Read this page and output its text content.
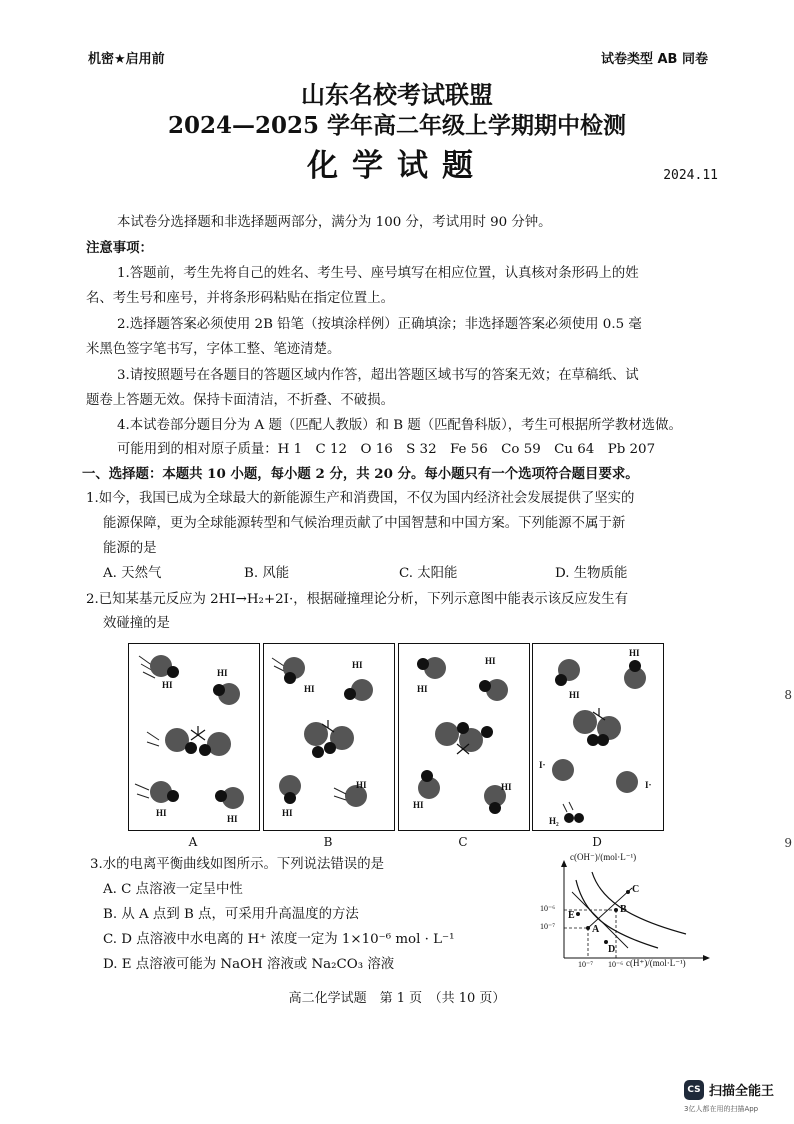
机密★启用前	试卷类型 AB 同卷
山东名校考试联盟
2024—2025 学年高二年级上学期期中检测
化学试题	2024.11
本试卷分选择题和非选择题两部分，满分为 100 分，考试用时 90 分钟。
注意事项：
1.答题前，考生先将自己的姓名、考生号、座号填写在相应位置，认真核对条形码上的姓
名、考生号和座号，并将条形码粘贴在指定位置上。
2.选择题答案必须使用 2B 铅笔（按填涂样例）正确填涂；非选择题答案必须使用 0.5 毫
米黑色签字笔书写，字体工整、笔迹清楚。
3.请按照题号在各题目的答题区域内作答，超出答题区域书写的答案无效；在草稿纸、试
题卷上答题无效。保持卡面清洁，不折叠、不破损。
4.本试卷部分题目分为 A 题（匹配人教版）和 B 题（匹配鲁科版），考生可根据所学教材选做。
可能用到的相对原子质量：H 1　C 12　O 16　S 32　Fe 56　Co 59　Cu 64　Pb 207
一、选择题：本题共 10 小题，每小题 2 分，共 20 分。每小题只有一个选项符合题目要求。
1.如今，我国已成为全球最大的新能源生产和消费国，不仅为国内经济社会发展提供了坚实的
能源保障，更为全球能源转型和气候治理贡献了中国智慧和中国方案。下列能源不属于新
能源的是
A. 天然气	B. 风能	C. 太阳能	D. 生物质能
2.已知某基元反应为 2HI→H₂+2I·，根据碰撞理论分析，下列示意图中能表示该反应发生有
效碰撞的是
HI
HI
HI
HI
A
HI
HI
HI
HI
B
HI
HI
HI
HI
C
HI
HI
I·
I·
H₂
D
3.水的电离平衡曲线如图所示。下列说法错误的是
A. C 点溶液一定呈中性
B. 从 A 点到 B 点，可采用升高温度的方法
C. D 点溶液中水电离的 H⁺ 浓度一定为 1×10⁻⁶ mol · L⁻¹
D. E 点溶液可能为 NaOH 溶液或 Na₂CO₃ 溶液
c(OH⁻)/(mol·L⁻¹)
c(H⁺)/(mol·L⁻¹)
10⁻⁶
10⁻⁷
10⁻⁷ 10⁻⁶
A
B
C
D
E
高二化学试题　第 1 页　（共 10 页）
8
9
CS 扫描全能王
3亿人都在用的扫描App
